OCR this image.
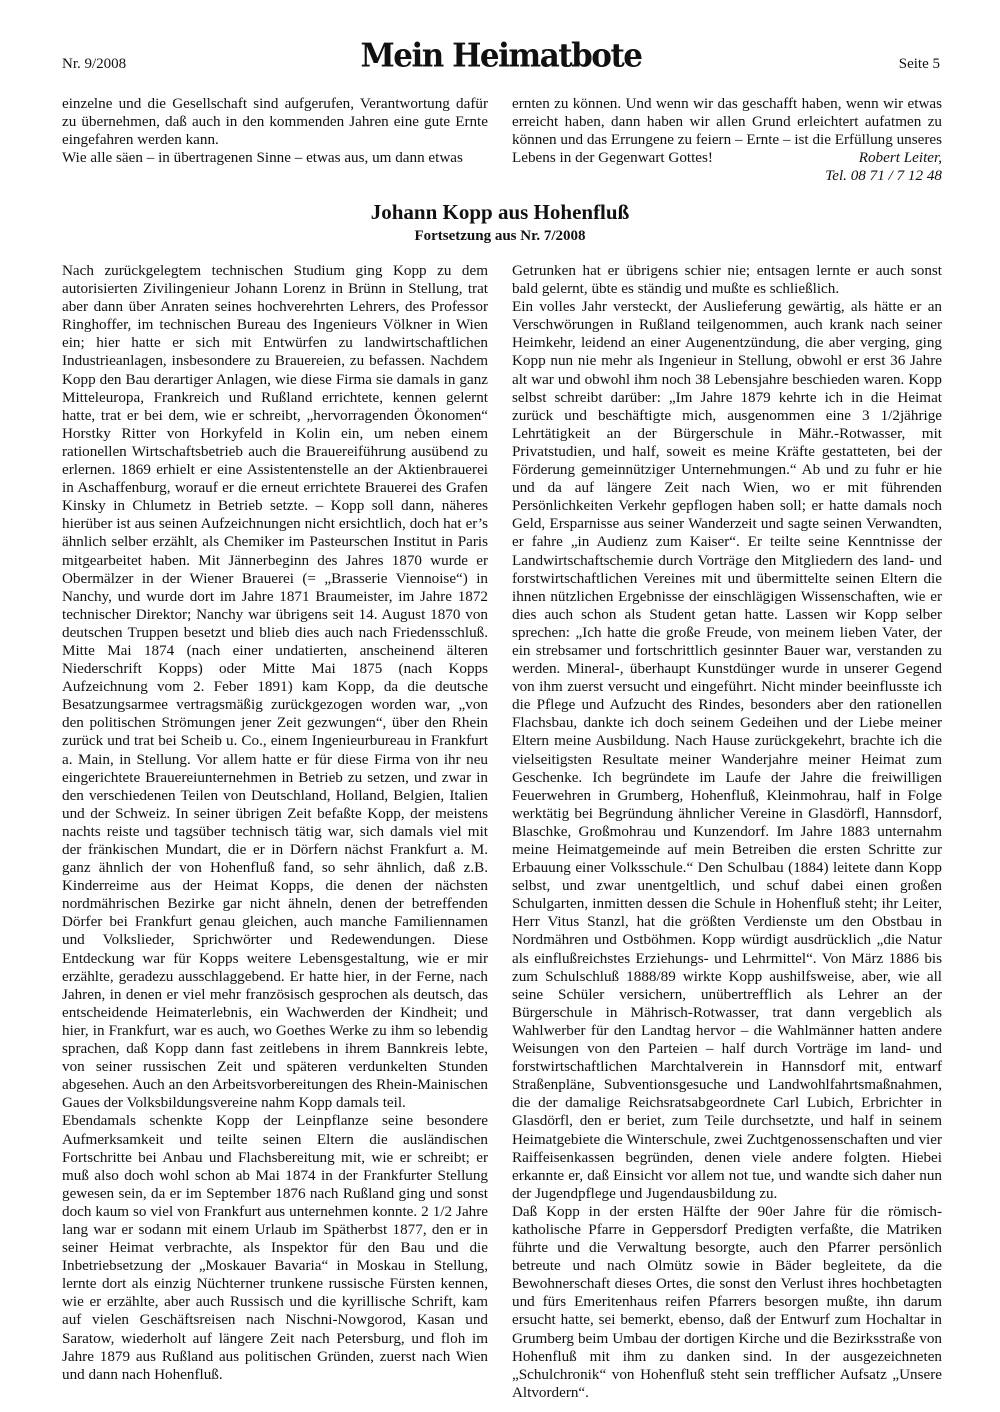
Nr. 9/2008	Mein Heimatbote	Seite 5

einzelne und die Gesellschaft sind aufgerufen, Verantwortung dafür zu übernehmen, daß auch in den kommenden Jahren eine gute Ernte eingefahren werden kann.

Wie alle säen – in übertragenen Sinne – etwas aus, um dann etwas

ernten zu können. Und wenn wir das geschafft haben, wenn wir etwas erreicht haben, dann haben wir allen Grund erleichtert aufatmen zu können und das Errungene zu feiern – Ernte – ist die Erfüllung unseres Lebens in der Gegenwart Gottes!	Robert Leiter,

Tel. 08 71 / 7 12 48
Johann Kopp aus Hohenfluß
Fortsetzung aus Nr. 7/2008

Nach zurückgelegtem technischen Studium ging Kopp zu dem autorisierten Zivilingenieur Johann Lorenz in Brünn in Stellung, trat aber dann über Anraten seines hochverehrten Lehrers, des Professor Ringhoffer, im technischen Bureau des Ingenieurs Völkner in Wien ein; hier hatte er sich mit Entwürfen zu landwirtschaftlichen Industrieanlagen, insbesondere zu Brauereien, zu befassen. Nachdem Kopp den Bau derartiger Anlagen, wie diese Firma sie damals in ganz Mitteleuropa, Frankreich und Rußland errichtete, kennen gelernt hatte, trat er bei dem, wie er schreibt, „hervorragenden Ökonomen“ Horstky Ritter von Horkyfeld in Kolin ein, um neben einem rationellen Wirtschaftsbetrieb auch die Brauereiführung ausübend zu erlernen. 1869 erhielt er eine Assistentenstelle an der Aktienbrauerei in Aschaffenburg, worauf er die erneut errichtete Brauerei des Grafen Kinsky in Chlumetz in Betrieb setzte. – Kopp soll dann, näheres hierüber ist aus seinen Aufzeichnungen nicht ersichtlich, doch hat er’s ähnlich selber erzählt, als Chemiker im Pasteurschen Institut in Paris mitgearbeitet haben. Mit Jännerbeginn des Jahres 1870 wurde er Obermälzer in der Wiener Brauerei (= „Brasserie Viennoise“) in Nanchy, und wurde dort im Jahre 1871 Braumeister, im Jahre 1872 technischer Direktor; Nanchy war übrigens seit 14. August 1870 von deutschen Truppen besetzt und blieb dies auch nach Friedensschluß. Mitte Mai 1874 (nach einer undatierten, anscheinend älteren Niederschrift Kopps) oder Mitte Mai 1875 (nach Kopps Aufzeichnung vom 2. Feber 1891) kam Kopp, da die deutsche Besatzungsarmee vertragsmäßig zurückgezogen worden war, „von den politischen Strömungen jener Zeit gezwungen“, über den Rhein zurück und trat bei Scheib u. Co., einem Ingenieurbureau in Frankfurt a. Main, in Stellung. Vor allem hatte er für diese Firma von ihr neu eingerichtete Brauereiunternehmen in Betrieb zu setzen, und zwar in den verschiedenen Teilen von Deutschland, Holland, Belgien, Italien und der Schweiz. In seiner übrigen Zeit befaßte Kopp, der meistens nachts reiste und tagsüber technisch tätig war, sich damals viel mit der fränkischen Mundart, die er in Dörfern nächst Frankfurt a. M. ganz ähnlich der von Hohenfluß fand, so sehr ähnlich, daß z.B. Kinderreime aus der Heimat Kopps, die denen der nächsten nordmährischen Bezirke gar nicht ähneln, denen der betreffenden Dörfer bei Frankfurt genau gleichen, auch manche Familiennamen und Volkslieder, Sprichwörter und Redewendungen. Diese Entdeckung war für Kopps weitere Lebensgestaltung, wie er mir erzählte, geradezu ausschlaggebend. Er hatte hier, in der Ferne, nach Jahren, in denen er viel mehr französisch gesprochen als deutsch, das entscheidende Heimaterlebnis, ein Wachwerden der Kindheit; und hier, in Frankfurt, war es auch, wo Goethes Werke zu ihm so lebendig sprachen, daß Kopp dann fast zeitlebens in ihrem Bannkreis lebte, von seiner russischen Zeit und späteren verdunkelten Stunden abgesehen. Auch an den Arbeitsvorbereitungen des Rhein-Mainischen Gaues der Volksbildungsvereine nahm Kopp damals teil.

Ebendamals schenkte Kopp der Leinpflanze seine besondere Aufmerksamkeit und teilte seinen Eltern die ausländischen Fortschritte bei Anbau und Flachsbereitung mit, wie er schreibt; er muß also doch wohl schon ab Mai 1874 in der Frankfurter Stellung gewesen sein, da er im September 1876 nach Rußland ging und sonst doch kaum so viel von Frankfurt aus unternehmen konnte. 2 1/2 Jahre lang war er sodann mit einem Urlaub im Spätherbst 1877, den er in seiner Heimat verbrachte, als Inspektor für den Bau und die Inbetriebsetzung der „Moskauer Bavaria“ in Moskau in Stellung, lernte dort als einzig Nüchterner trunkene russische Fürsten kennen, wie er erzählte, aber auch Russisch und die kyrillische Schrift, kam auf vielen Geschäftsreisen nach Nischni-Nowgorod, Kasan und Saratow, wiederholt auf längere Zeit nach Petersburg, und floh im Jahre 1879 aus Rußland aus politischen Gründen, zuerst nach Wien und dann nach Hohenfluß.

Getrunken hat er übrigens schier nie; entsagen lernte er auch sonst bald gelernt, übte es ständig und mußte es schließlich.

Ein volles Jahr versteckt, der Auslieferung gewärtig, als hätte er an Verschwörungen in Rußland teilgenommen, auch krank nach seiner Heimkehr, leidend an einer Augenentzündung, die aber verging, ging Kopp nun nie mehr als Ingenieur in Stellung, obwohl er erst 36 Jahre alt war und obwohl ihm noch 38 Lebensjahre beschieden waren. Kopp selbst schreibt darüber: „Im Jahre 1879 kehrte ich in die Heimat zurück und beschäftigte mich, ausgenommen eine 3 1/2jährige Lehrtätigkeit an der Bürgerschule in Mähr.-Rotwasser, mit Privatstudien, und half, soweit es meine Kräfte gestatteten, bei der Förderung gemeinnütziger Unternehmungen.“ Ab und zu fuhr er hie und da auf längere Zeit nach Wien, wo er mit führenden Persönlichkeiten Verkehr gepflogen haben soll; er hatte damals noch Geld, Ersparnisse aus seiner Wanderzeit und sagte seinen Verwandten, er fahre „in Audienz zum Kaiser“. Er teilte seine Kenntnisse der Landwirtschaftschemie durch Vorträge den Mitgliedern des land- und forstwirtschaftlichen Vereines mit und übermittelte seinen Eltern die ihnen nützlichen Ergebnisse der einschlägigen Wissenschaften, wie er dies auch schon als Student getan hatte. Lassen wir Kopp selber sprechen: „Ich hatte die große Freude, von meinem lieben Vater, der ein strebsamer und fortschrittlich gesinnter Bauer war, verstanden zu werden. Mineral-, überhaupt Kunstdünger wurde in unserer Gegend von ihm zuerst versucht und eingeführt. Nicht minder beeinflusste ich die Pflege und Aufzucht des Rindes, besonders aber den rationellen Flachsbau, dankte ich doch seinem Gedeihen und der Liebe meiner Eltern meine Ausbildung. Nach Hause zurückgekehrt, brachte ich die vielseitigsten Resultate meiner Wanderjahre meiner Heimat zum Geschenke. Ich begründete im Laufe der Jahre die freiwilligen Feuerwehren in Grumberg, Hohenfluß, Kleinmohrau, half in Folge werktätig bei Begründung ähnlicher Vereine in Glasdörfl, Hannsdorf, Blaschke, Großmohrau und Kunzendorf. Im Jahre 1883 unternahm meine Heimatgemeinde auf mein Betreiben die ersten Schritte zur Erbauung einer Volksschule.“ Den Schulbau (1884) leitete dann Kopp selbst, und zwar unentgeltlich, und schuf dabei einen großen Schulgarten, inmitten dessen die Schule in Hohenfluß steht; ihr Leiter, Herr Vitus Stanzl, hat die größten Verdienste um den Obstbau in Nordmähren und Ostböhmen. Kopp würdigt ausdrücklich „die Natur als einflußreichstes Erziehungs- und Lehrmittel“. Von März 1886 bis zum Schulschluß 1888/89 wirkte Kopp aushilfsweise, aber, wie all seine Schüler versichern, unübertrefflich als Lehrer an der Bürgerschule in Mährisch-Rotwasser, trat dann vergeblich als Wahlwerber für den Landtag hervor – die Wahlmänner hatten andere Weisungen von den Parteien – half durch Vorträge im land- und forstwirtschaftlichen Marchtalverein in Hannsdorf mit, entwarf Straßenpläne, Subventionsgesuche und Landwohlfahrtsmaßnahmen, die der damalige Reichsratsabgeordnete Carl Lubich, Erbrichter in Glasdörfl, den er beriet, zum Teile durchsetzte, und half in seinem Heimatgebiete die Winterschule, zwei Zuchtgenossenschaften und vier Raiffeisenkassen begründen, denen viele andere folgten. Hiebei erkannte er, daß Einsicht vor allem not tue, und wandte sich daher nun der Jugendpflege und Jugendausbildung zu.

Daß Kopp in der ersten Hälfte der 90er Jahre für die römisch-katholische Pfarre in Geppersdorf Predigten verfaßte, die Matriken führte und die Verwaltung besorgte, auch den Pfarrer persönlich betreute und nach Olmütz sowie in Bäder begleitete, da die Bewohnerschaft dieses Ortes, die sonst den Verlust ihres hochbetagten und fürs Emeritenhaus reifen Pfarrers besorgen mußte, ihn darum ersucht hatte, sei bemerkt, ebenso, daß der Entwurf zum Hochaltar in Grumberg beim Umbau der dortigen Kirche und die Bezirksstraße von Hohenfluß mit ihm zu danken sind. In der ausgezeichneten „Schulchronik“ von Hohenfluß steht sein trefflicher Aufsatz „Unsere Altvordern“.
